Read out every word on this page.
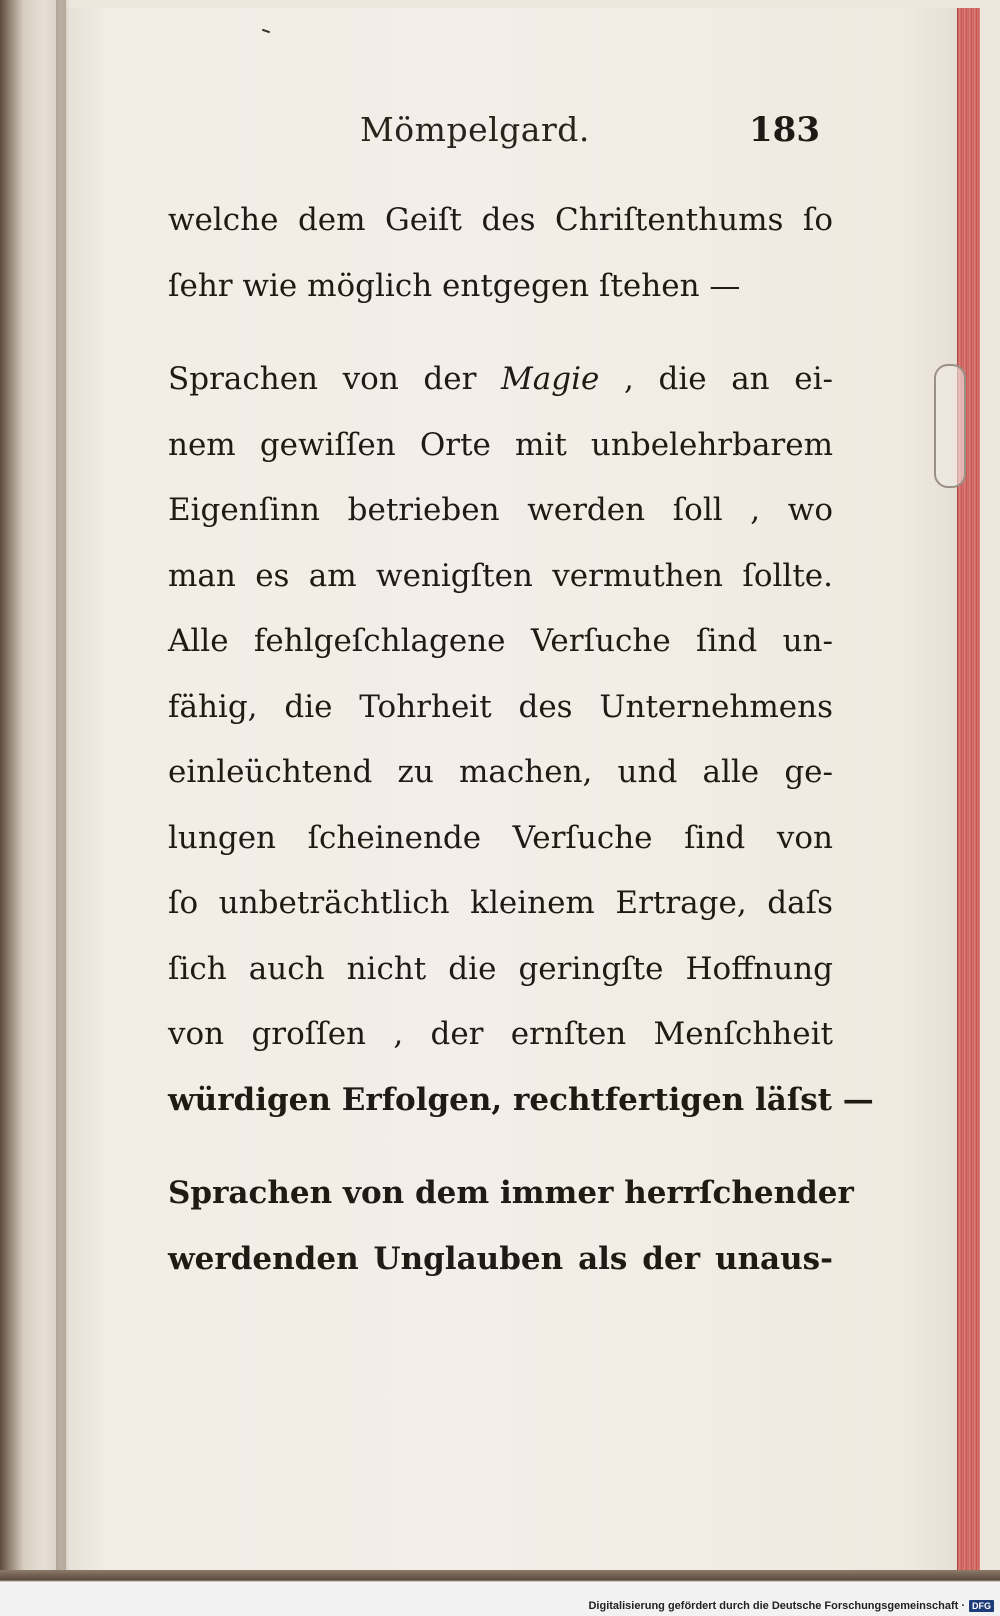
Mömpelgard.	183
welche dem Geiſt des Chriſtenthums ſo
ſehr wie möglich entgegen ſtehen —
Sprachen von der Magie , die an ei-
nem gewiſſen Orte mit unbelehrbarem
Eigenſinn betrieben werden ſoll , wo
man es am wenigſten vermuthen ſollte.
Alle fehlgeſchlagene Verſuche ſind un-
fähig, die Tohrheit des Unternehmens
einleüchtend zu machen, und alle ge-
lungen ſcheinende Verſuche ſind von
ſo unbeträchtlich kleinem Ertrage, daſs
ſich auch nicht die geringſte Hoffnung
von groſſen , der ernſten Menſchheit
würdigen Erfolgen, rechtfertigen läſst —
Sprachen von dem immer herrſchender
werdenden Unglauben als der unaus-
Digitalisierung gefördert durch die Deutsche Forschungsgemeinschaft · DFG
